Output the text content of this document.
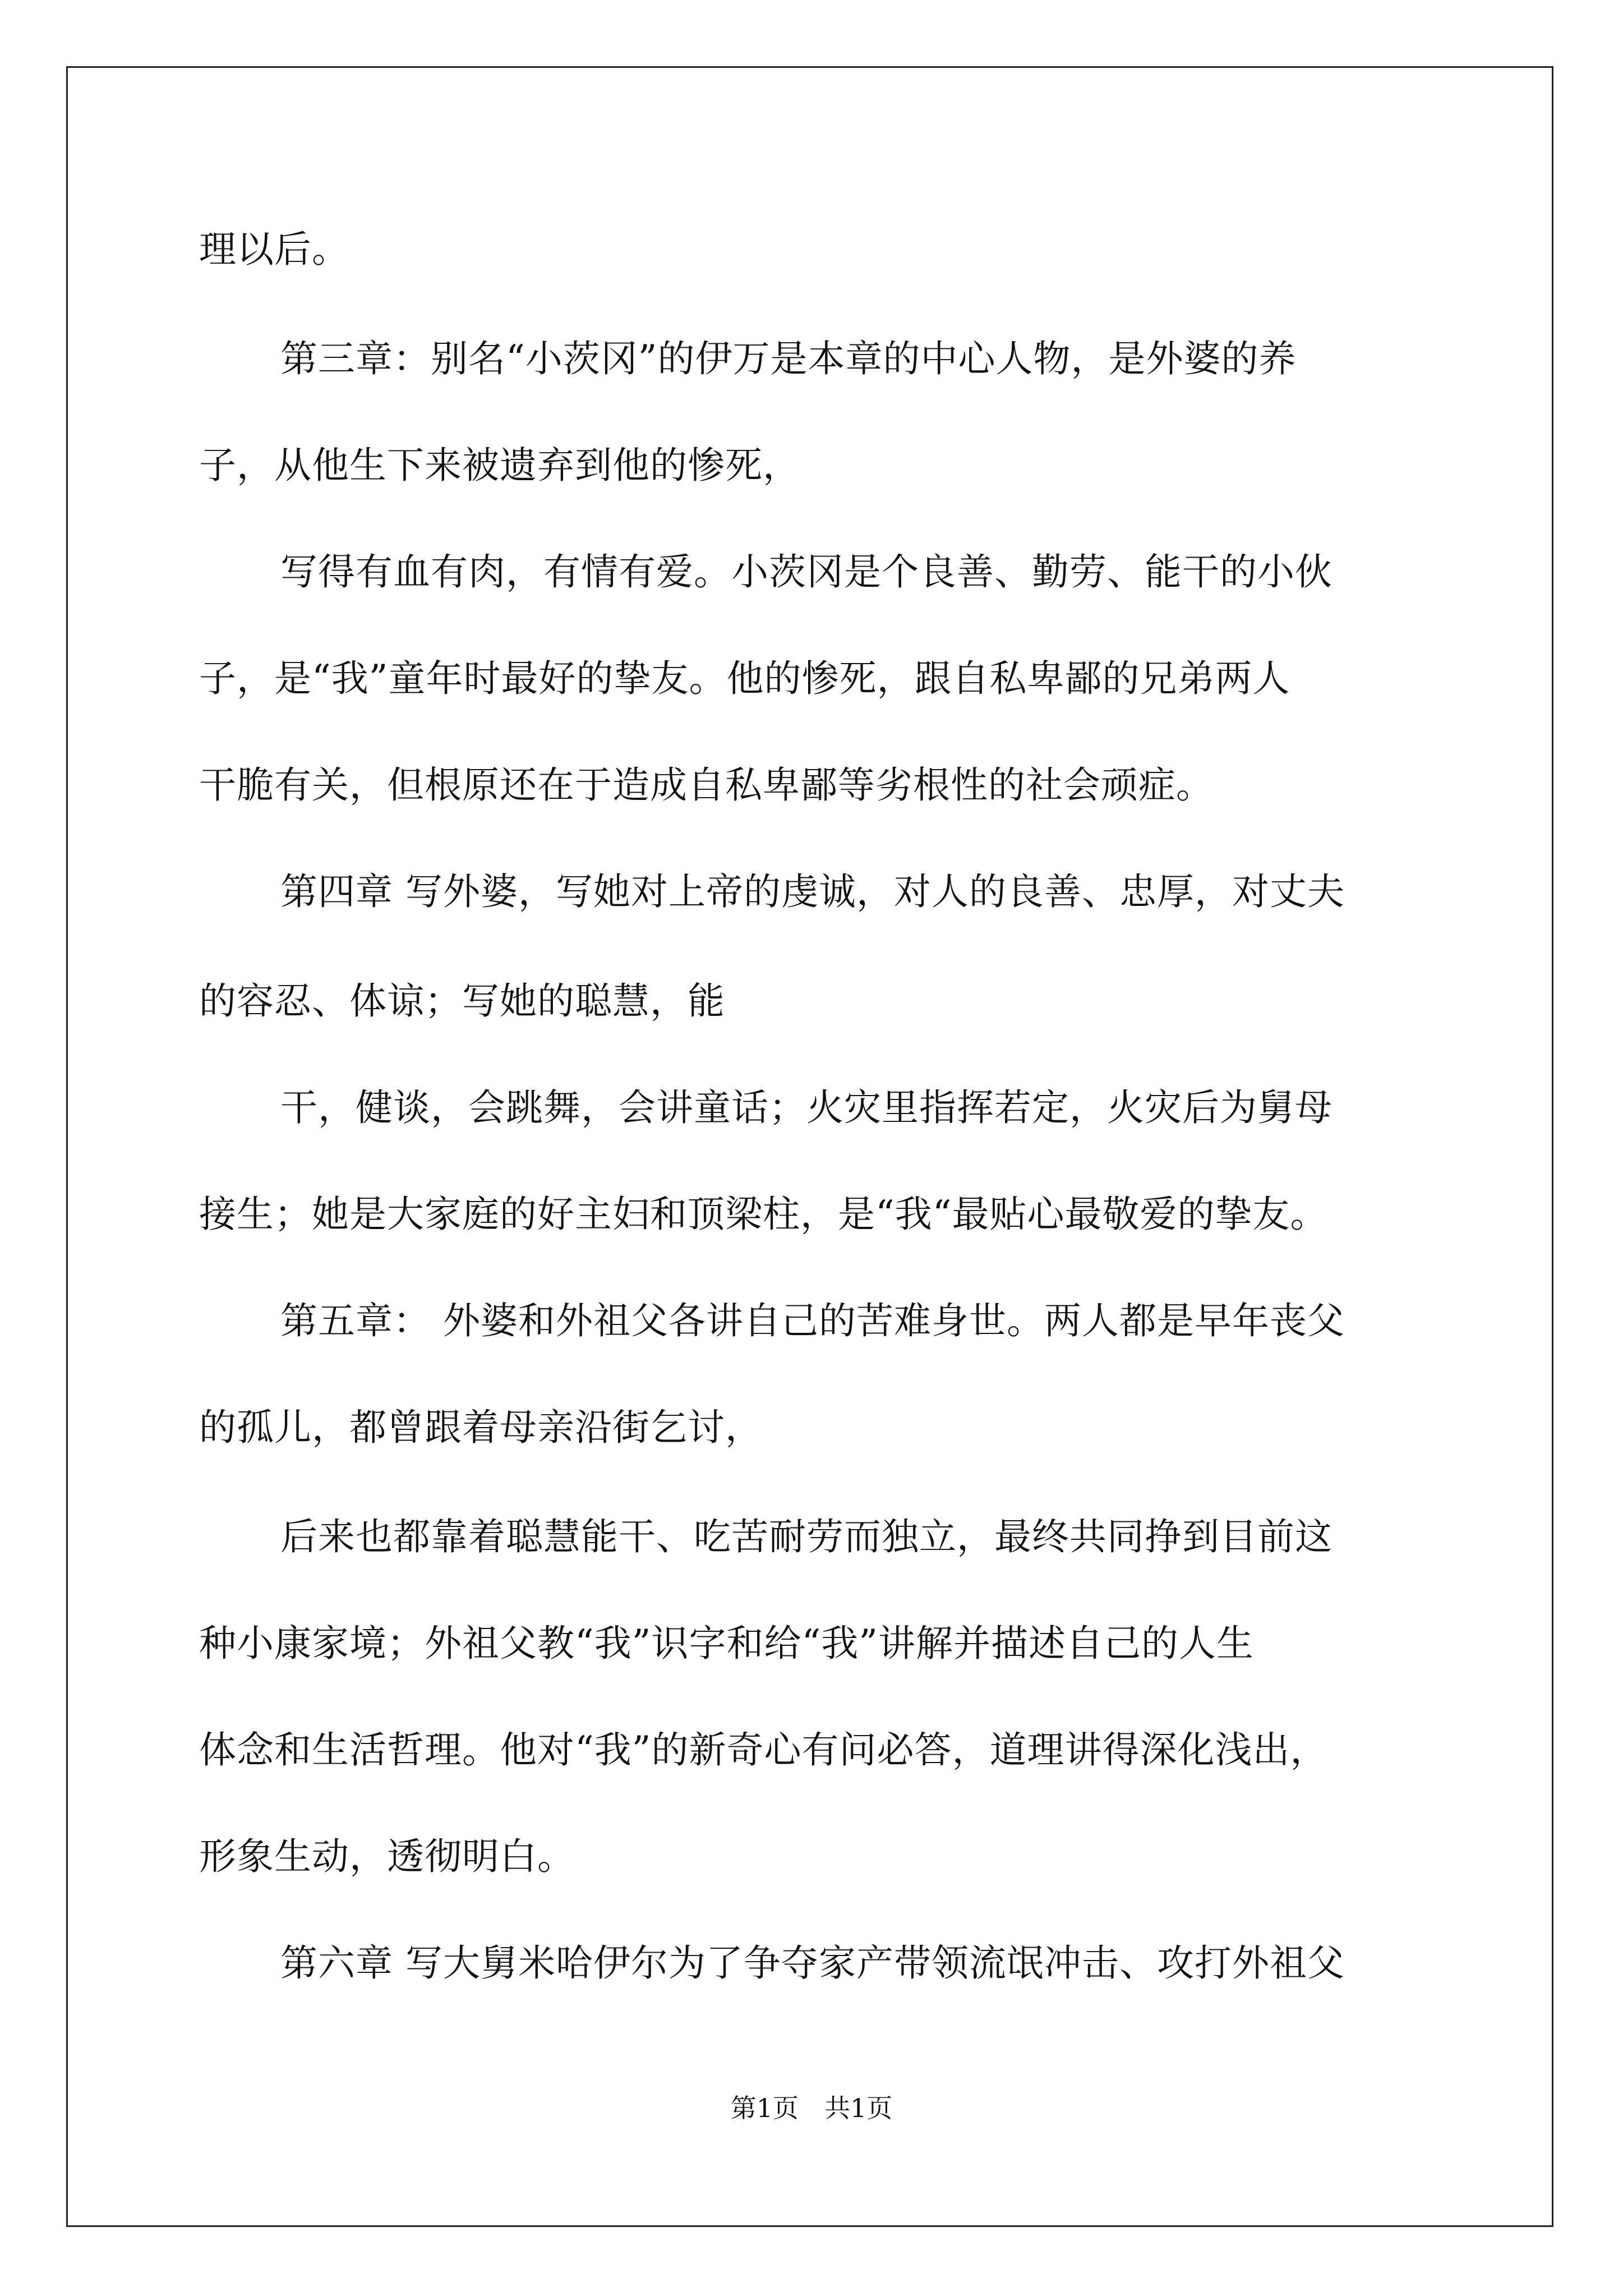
理以后。
第三章：别名“小茨冈”的伊万是本章的中心人物，是外婆的养
子，从他生下来被遗弃到他的惨死，
写得有血有肉，有情有爱。小茨冈是个良善、勤劳、能干的小伙
子，是“我”童年时最好的挚友。他的惨死，跟自私卑鄙的兄弟两人
干脆有关，但根原还在于造成自私卑鄙等劣根性的社会顽症。
第四章 写外婆，写她对上帝的虔诚，对人的良善、忠厚，对丈夫
的容忍、体谅；写她的聪慧，能
干，健谈，会跳舞，会讲童话；火灾里指挥若定，火灾后为舅母
接生；她是大家庭的好主妇和顶梁柱，是“我“最贴心最敬爱的挚友。
第五章： 外婆和外祖父各讲自己的苦难身世。两人都是早年丧父
的孤儿，都曾跟着母亲沿街乞讨，
后来也都靠着聪慧能干、吃苦耐劳而独立，最终共同挣到目前这
种小康家境；外祖父教“我”识字和给“我”讲解并描述自己的人生
体念和生活哲理。他对“我”的新奇心有问必答，道理讲得深化浅出，
形象生动，透彻明白。
第六章 写大舅米哈伊尔为了争夺家产带领流氓冲击、攻打外祖父
第1页 共1页
